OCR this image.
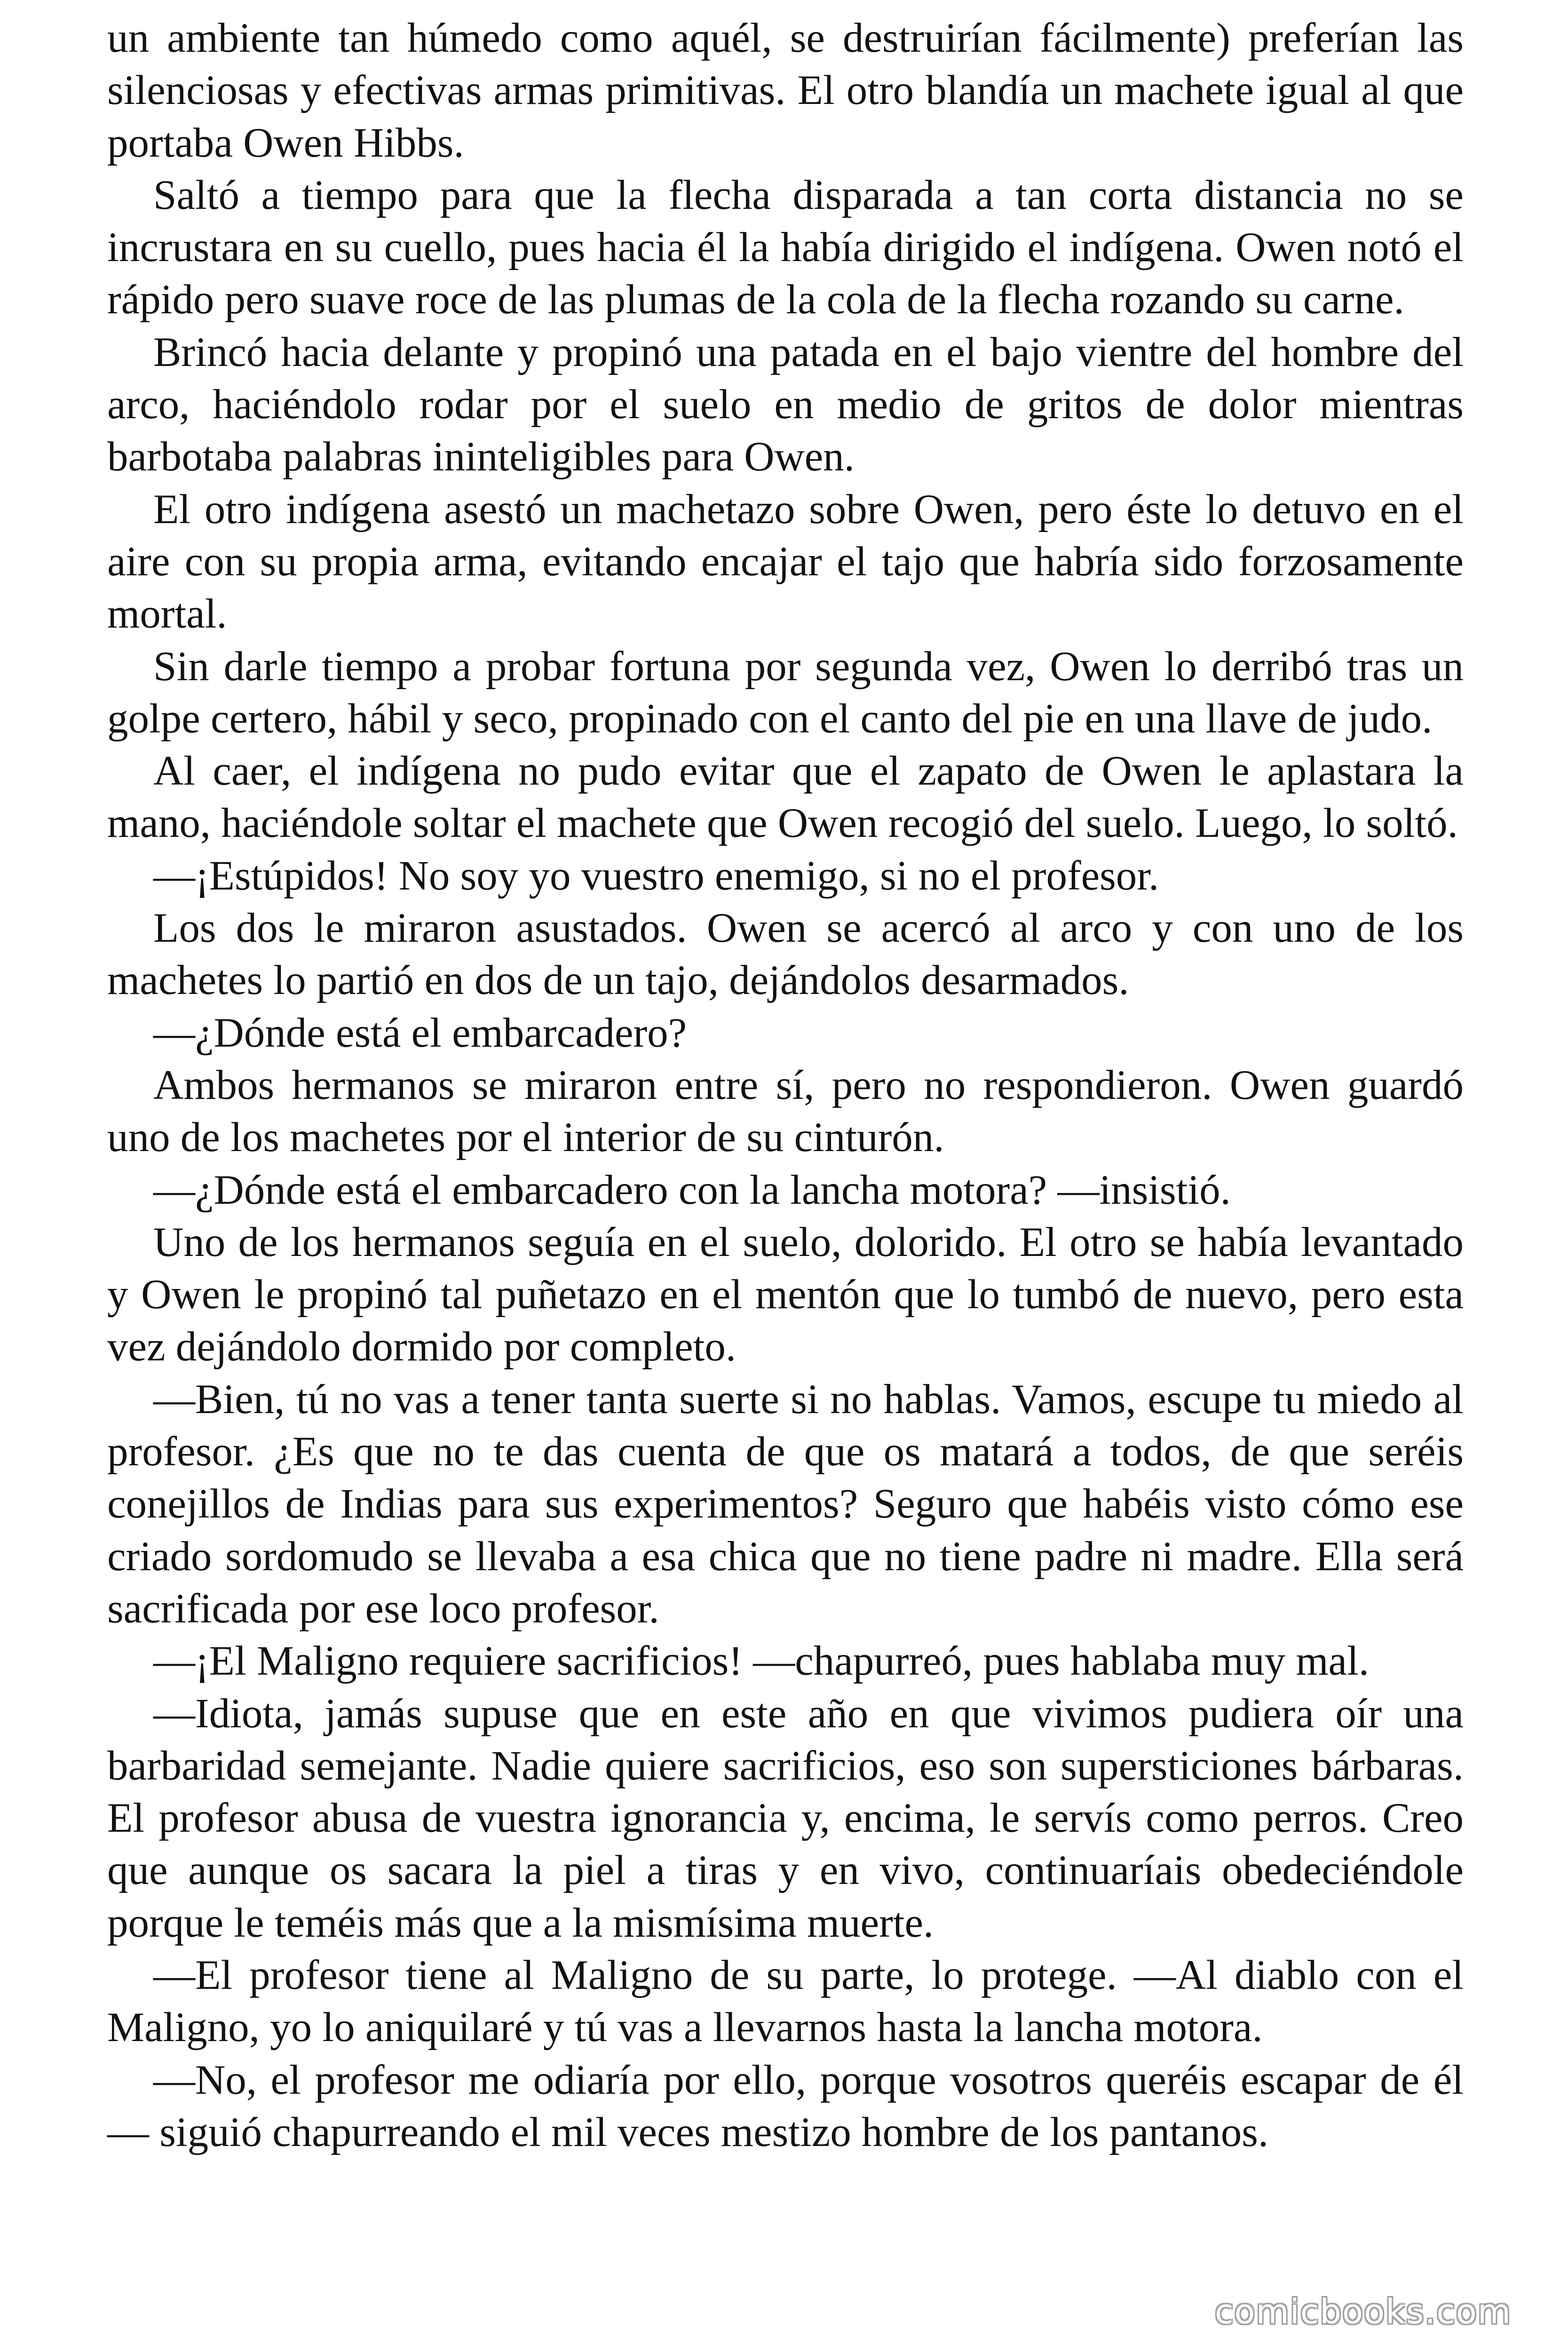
un ambiente tan húmedo como aquél, se destruirían fácilmente) preferían las silenciosas y efectivas armas primitivas. El otro blandía un machete igual al que portaba Owen Hibbs.

Saltó a tiempo para que la flecha disparada a tan corta distancia no se incrustara en su cuello, pues hacia él la había dirigido el indígena. Owen notó el rápido pero suave roce de las plumas de la cola de la flecha rozando su carne.

Brincó hacia delante y propinó una patada en el bajo vientre del hombre del arco, haciéndolo rodar por el suelo en medio de gritos de dolor mientras barbotaba palabras ininteligibles para Owen.

El otro indígena asestó un machetazo sobre Owen, pero éste lo detuvo en el aire con su propia arma, evitando encajar el tajo que habría sido forzosamente mortal.

Sin darle tiempo a probar fortuna por segunda vez, Owen lo derribó tras un golpe certero, hábil y seco, propinado con el canto del pie en una llave de judo.

Al caer, el indígena no pudo evitar que el zapato de Owen le aplastara la mano, haciéndole soltar el machete que Owen recogió del suelo. Luego, lo soltó.

—¡Estúpidos! No soy yo vuestro enemigo, si no el profesor.

Los dos le miraron asustados. Owen se acercó al arco y con uno de los machetes lo partió en dos de un tajo, dejándolos desarmados.

—¿Dónde está el embarcadero?

Ambos hermanos se miraron entre sí, pero no respondieron. Owen guardó uno de los machetes por el interior de su cinturón.

—¿Dónde está el embarcadero con la lancha motora? —insistió.

Uno de los hermanos seguía en el suelo, dolorido. El otro se había levantado y Owen le propinó tal puñetazo en el mentón que lo tumbó de nuevo, pero esta vez dejándolo dormido por completo.

—Bien, tú no vas a tener tanta suerte si no hablas. Vamos, escupe tu miedo al profesor. ¿Es que no te das cuenta de que os matará a todos, de que seréis conejillos de Indias para sus experimentos? Seguro que habéis visto cómo ese criado sordomudo se llevaba a esa chica que no tiene padre ni madre. Ella será sacrificada por ese loco profesor.

—¡El Maligno requiere sacrificios! —chapurreó, pues hablaba muy mal.

—Idiota, jamás supuse que en este año en que vivimos pudiera oír una barbaridad semejante. Nadie quiere sacrificios, eso son supersticiones bárbaras. El profesor abusa de vuestra ignorancia y, encima, le servís como perros. Creo que aunque os sacara la piel a tiras y en vivo, continuaríais obedeciéndole porque le teméis más que a la mismísima muerte.

—El profesor tiene al Maligno de su parte, lo protege. —Al diablo con el Maligno, yo lo aniquilaré y tú vas a llevarnos hasta la lancha motora.

—No, el profesor me odiaría por ello, porque vosotros queréis escapar de él — siguió chapurreando el mil veces mestizo hombre de los pantanos.

comicbooks.com
